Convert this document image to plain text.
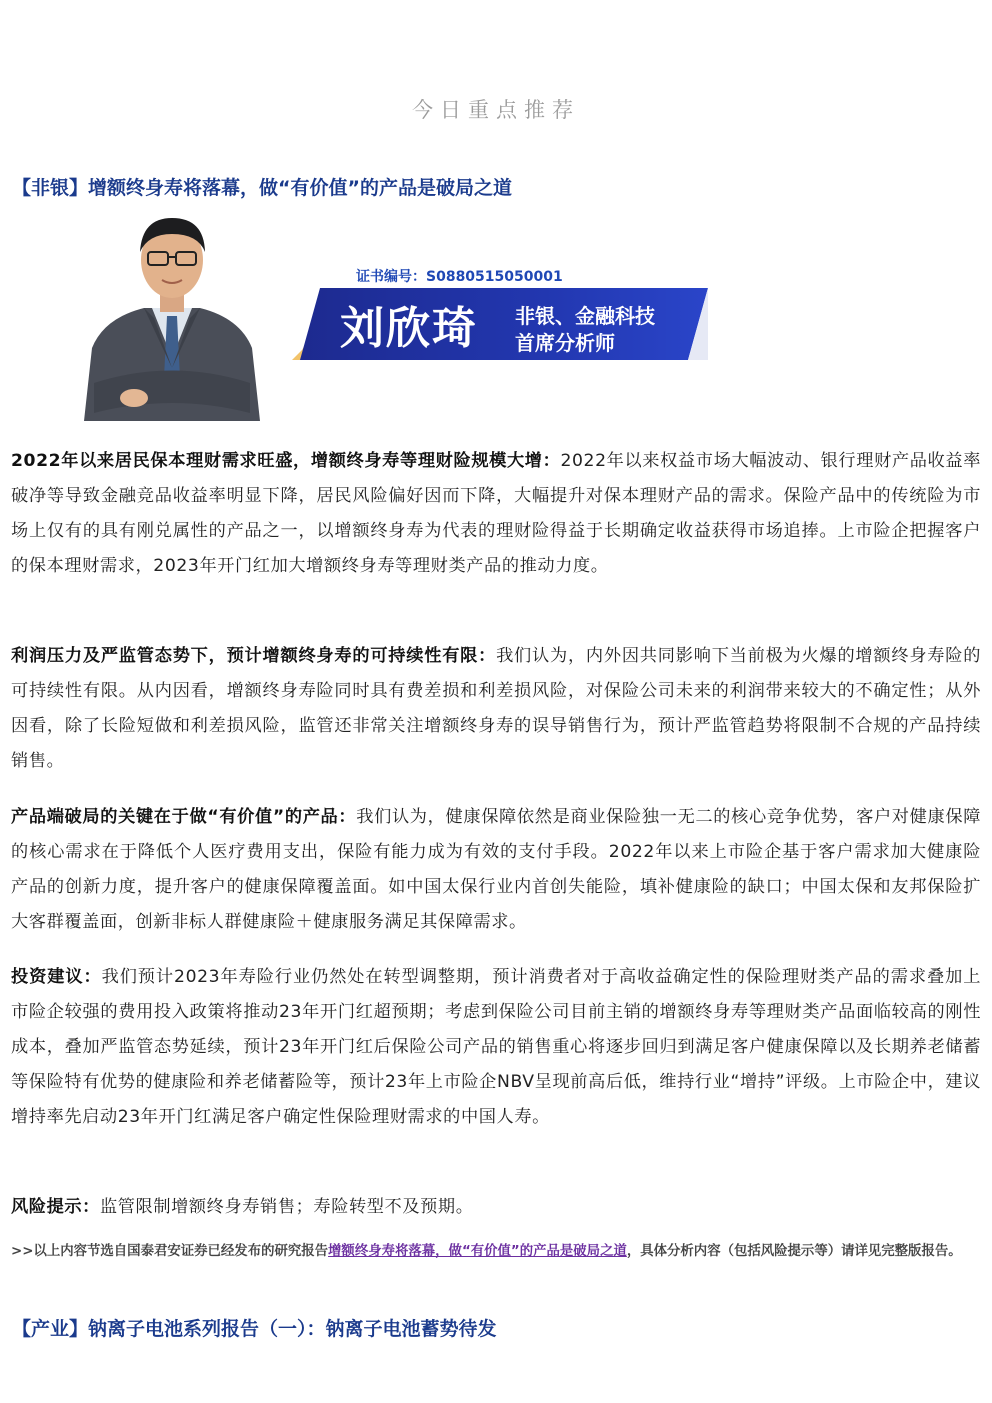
今日重点推荐
【非银】增额终身寿将落幕，做“有价值”的产品是破局之道
证书编号：S0880515050001
刘欣琦 非银、金融科技
首席分析师

2022年以来居民保本理财需求旺盛，增额终身寿等理财险规模大增：2022年以来权益市场大幅波动、银行理财产品收益率破净等导致金融竞品收益率明显下降，居民风险偏好因而下降，大幅提升对保本理财产品的需求。保险产品中的传统险为市场上仅有的具有刚兑属性的产品之一，以增额终身寿为代表的理财险得益于长期确定收益获得市场追捧。上市险企把握客户的保本理财需求，2023年开门红加大增额终身寿等理财类产品的推动力度。

利润压力及严监管态势下，预计增额终身寿的可持续性有限：我们认为，内外因共同影响下当前极为火爆的增额终身寿险的可持续性有限。从内因看，增额终身寿险同时具有费差损和利差损风险，对保险公司未来的利润带来较大的不确定性；从外因看，除了长险短做和利差损风险，监管还非常关注增额终身寿的误导销售行为，预计严监管趋势将限制不合规的产品持续销售。

产品端破局的关键在于做“有价值”的产品：我们认为，健康保障依然是商业保险独一无二的核心竞争优势，客户对健康保障的核心需求在于降低个人医疗费用支出，保险有能力成为有效的支付手段。2022年以来上市险企基于客户需求加大健康险产品的创新力度，提升客户的健康保障覆盖面。如中国太保行业内首创失能险，填补健康险的缺口；中国太保和友邦保险扩大客群覆盖面，创新非标人群健康险＋健康服务满足其保障需求。

投资建议：我们预计2023年寿险行业仍然处在转型调整期，预计消费者对于高收益确定性的保险理财类产品的需求叠加上市险企较强的费用投入政策将推动23年开门红超预期；考虑到保险公司目前主销的增额终身寿等理财类产品面临较高的刚性成本，叠加严监管态势延续，预计23年开门红后保险公司产品的销售重心将逐步回归到满足客户健康保障以及长期养老储蓄等保险特有优势的健康险和养老储蓄险等，预计23年上市险企NBV呈现前高后低，维持行业“增持”评级。上市险企中，建议增持率先启动23年开门红满足客户确定性保险理财需求的中国人寿。

风险提示：监管限制增额终身寿销售；寿险转型不及预期。

>>以上内容节选自国泰君安证券已经发布的研究报告增额终身寿将落幕，做“有价值”的产品是破局之道，具体分析内容（包括风险提示等）请详见完整版报告。
【产业】钠离子电池系列报告（一）：钠离子电池蓄势待发
